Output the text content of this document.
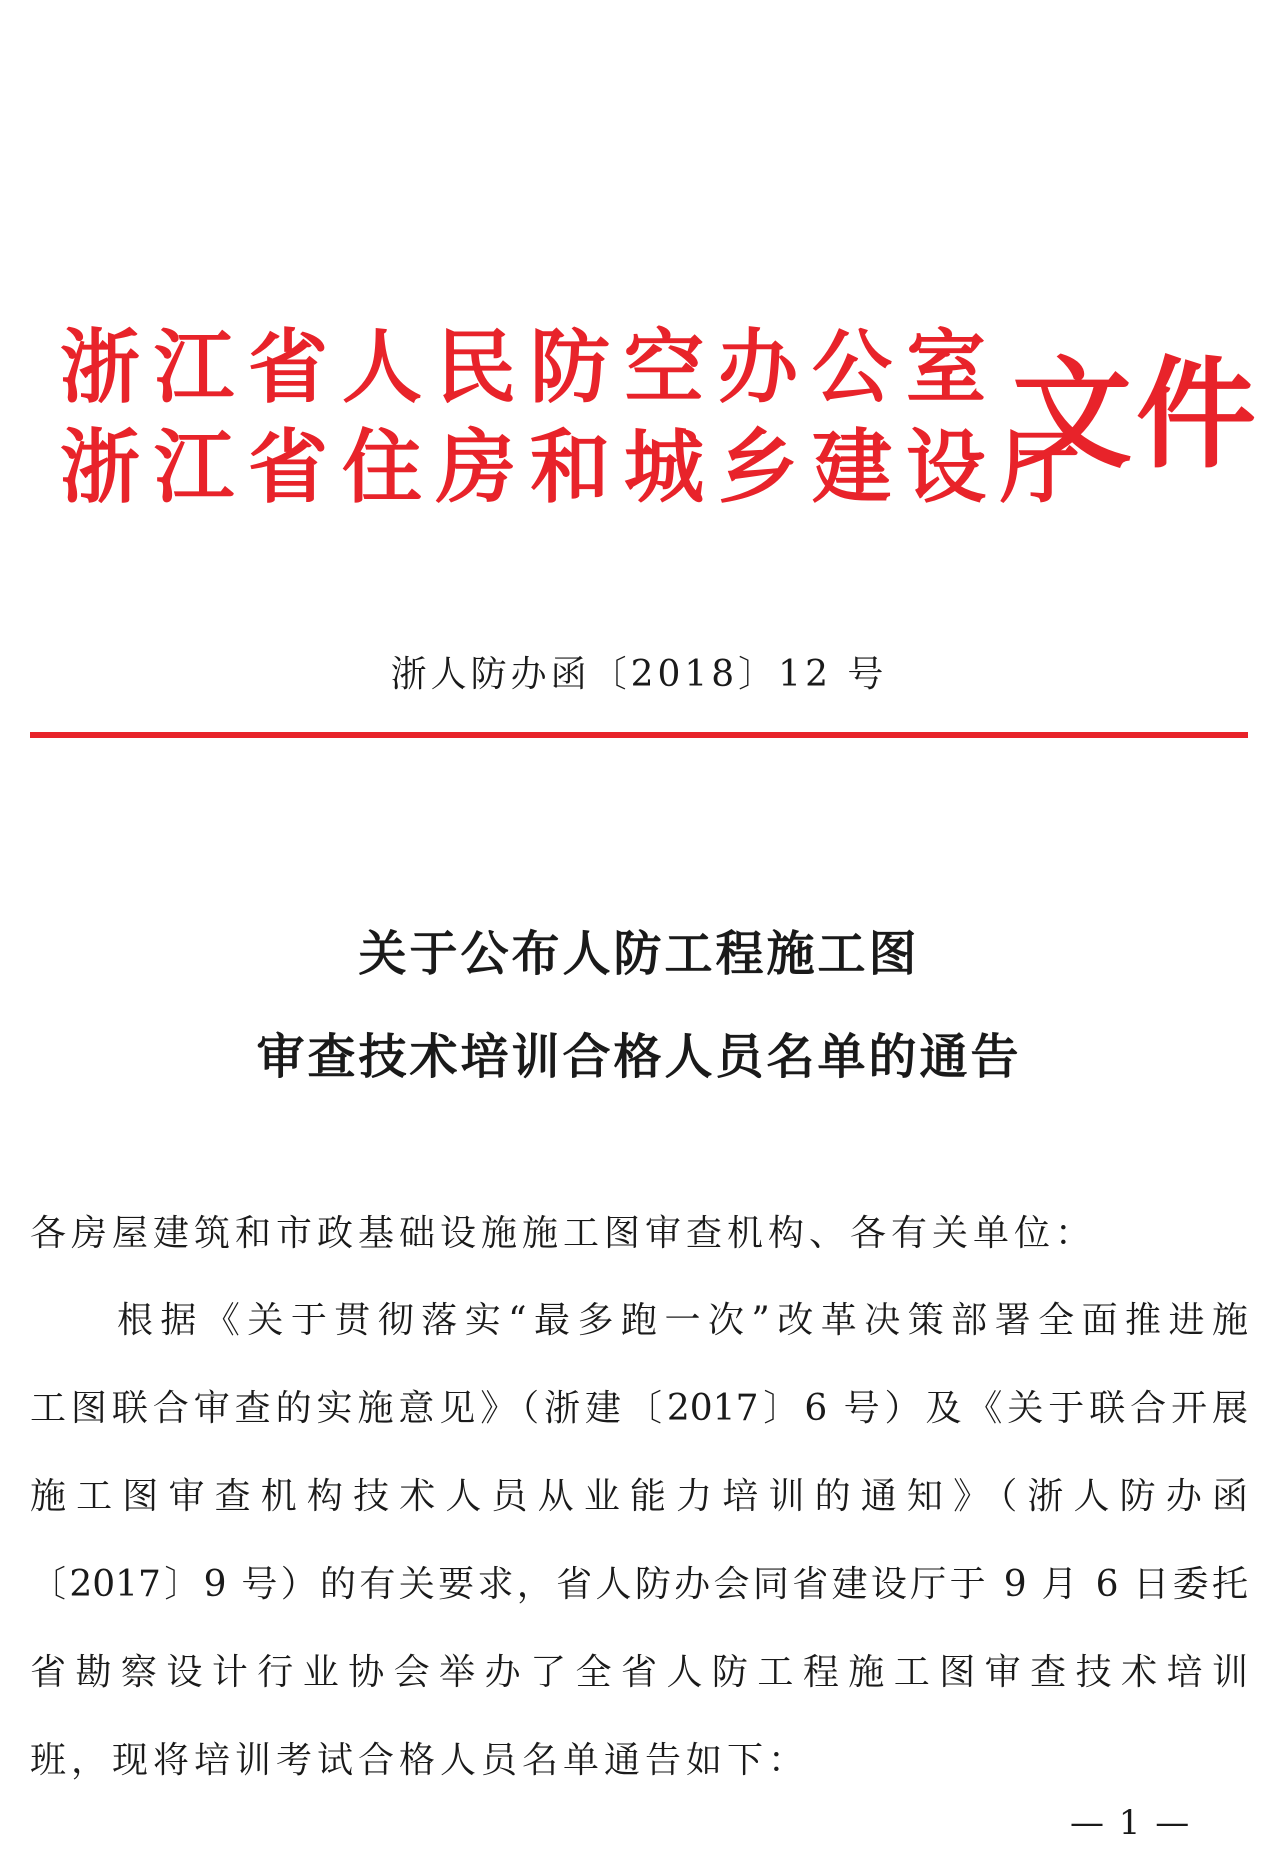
浙江省人民防空办公室
浙江省住房和城乡建设厅
文件
浙人防办函〔2018〕12 号
关于公布人防工程施工图
审查技术培训合格人员名单的通告
各房屋建筑和市政基础设施施工图审查机构、各有关单位：
　　根据《关于贯彻落实“最多跑一次”改革决策部署全面推进施
工图联合审查的实施意见》（浙建〔2017〕6 号）及《关于联合开展
施工图审查机构技术人员从业能力培训的通知》（浙人防办函
〔2017〕9 号）的有关要求，省人防办会同省建设厅于 9 月 6 日委托
省勘察设计行业协会举办了全省人防工程施工图审查技术培训
班，现将培训考试合格人员名单通告如下：
— 1 —
